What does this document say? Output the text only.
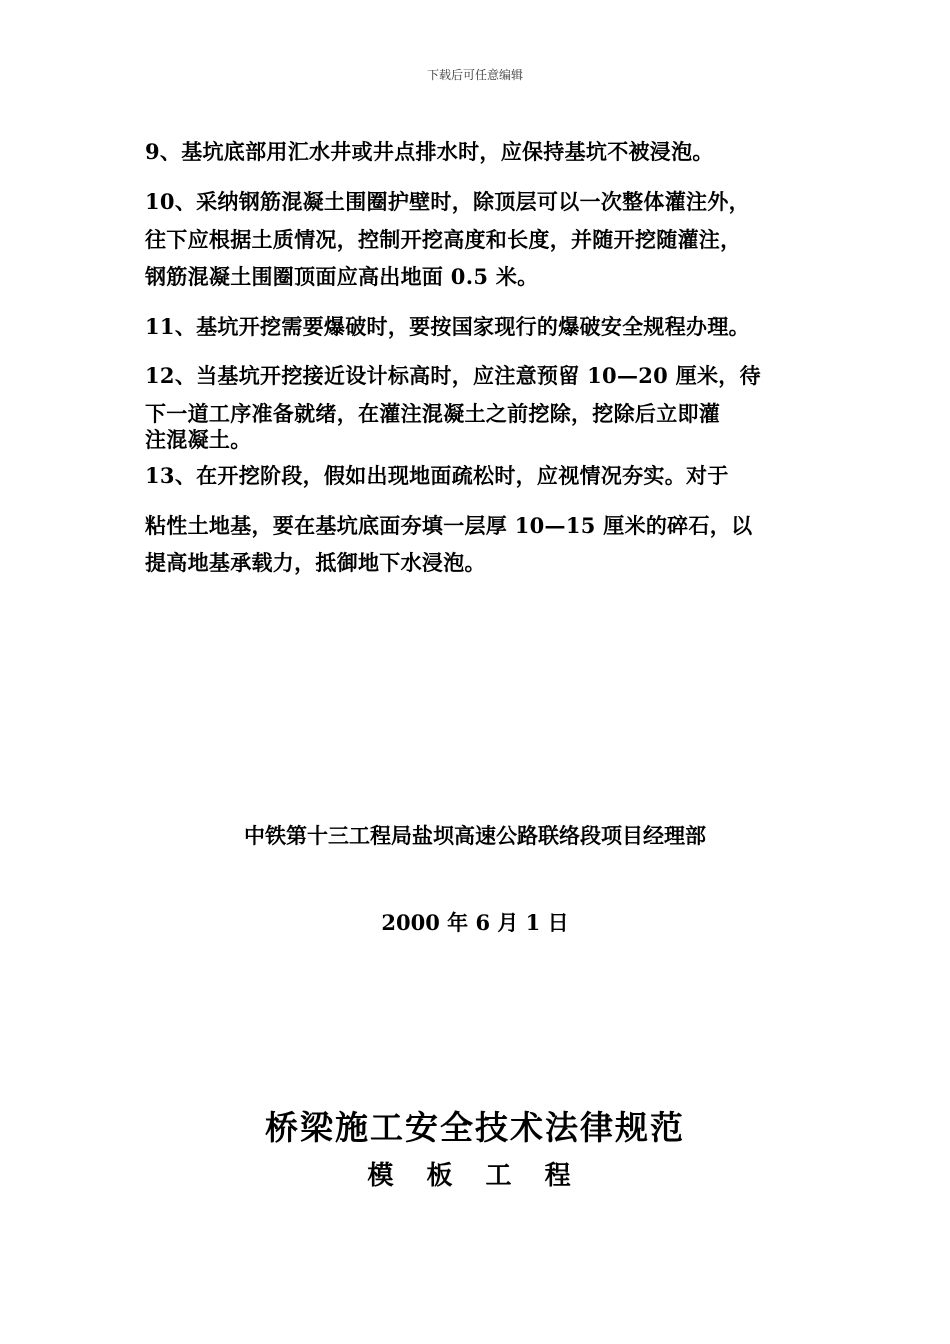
下载后可任意编辑
9、基坑底部用汇水井或井点排水时，应保持基坑不被浸泡。
10、采纳钢筋混凝土围圈护壁时，除顶层可以一次整体灌注外，
往下应根据土质情况，控制开挖高度和长度，并随开挖随灌注，
钢筋混凝土围圈顶面应高出地面 0.5 米。
11、基坑开挖需要爆破时，要按国家现行的爆破安全规程办理。
12、当基坑开挖接近设计标高时，应注意预留 10—20 厘米，待
下一道工序准备就绪，在灌注混凝土之前挖除，挖除后立即灌
注混凝土。
13、在开挖阶段，假如出现地面疏松时，应视情况夯实。对于
粘性土地基，要在基坑底面夯填一层厚 10—15 厘米的碎石，以
提高地基承载力，抵御地下水浸泡。
中铁第十三工程局盐坝高速公路联络段项目经理部
2000 年 6 月 1 日
桥梁施工安全技术法律规范
模 板 工 程
